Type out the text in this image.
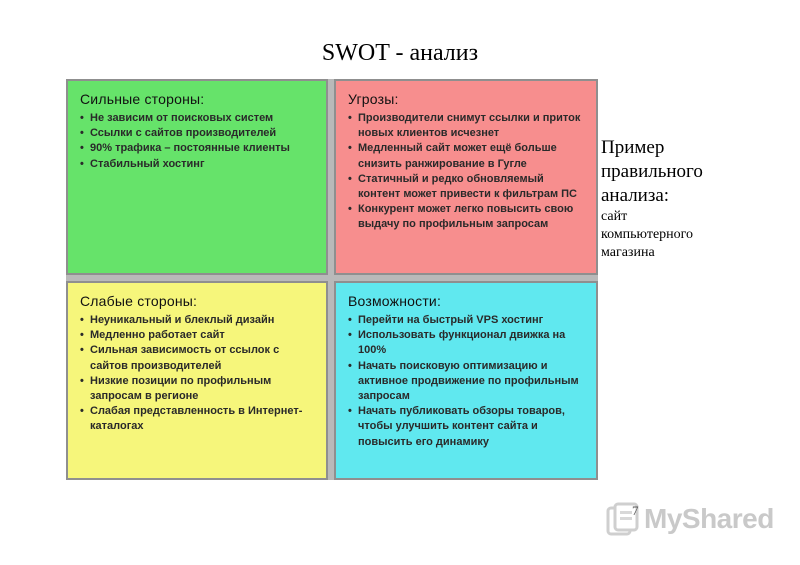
SWOT - анализ
Сильные стороны:
• Не зависим от поисковых систем
• Ссылки с сайтов производителей
• 90% трафика – постоянные клиенты
• Стабильный хостинг
Угрозы:
• Производители снимут ссылки и приток новых клиентов исчезнет
• Медленный сайт может ещё больше снизить ранжирование в Гугле
• Статичный и редко обновляемый контент может привести к фильтрам ПС
• Конкурент может легко повысить свою выдачу по профильным запросам
Слабые стороны:
• Неуникальный и блеклый дизайн
• Медленно работает сайт
• Сильная зависимость от ссылок с сайтов производителей
• Низкие позиции по профильным запросам в регионе
• Слабая представленность в Интернет-каталогах
Возможности:
• Перейти на быстрый VPS хостинг
• Использовать функционал движка на 100%
• Начать поисковую оптимизацию и активное продвижение по профильным запросам
• Начать публиковать обзоры товаров, чтобы улучшить контент сайта и повысить его динамику
Пример
правильного
анализа:
сайт
компьютерного
магазина
MyShared
7
